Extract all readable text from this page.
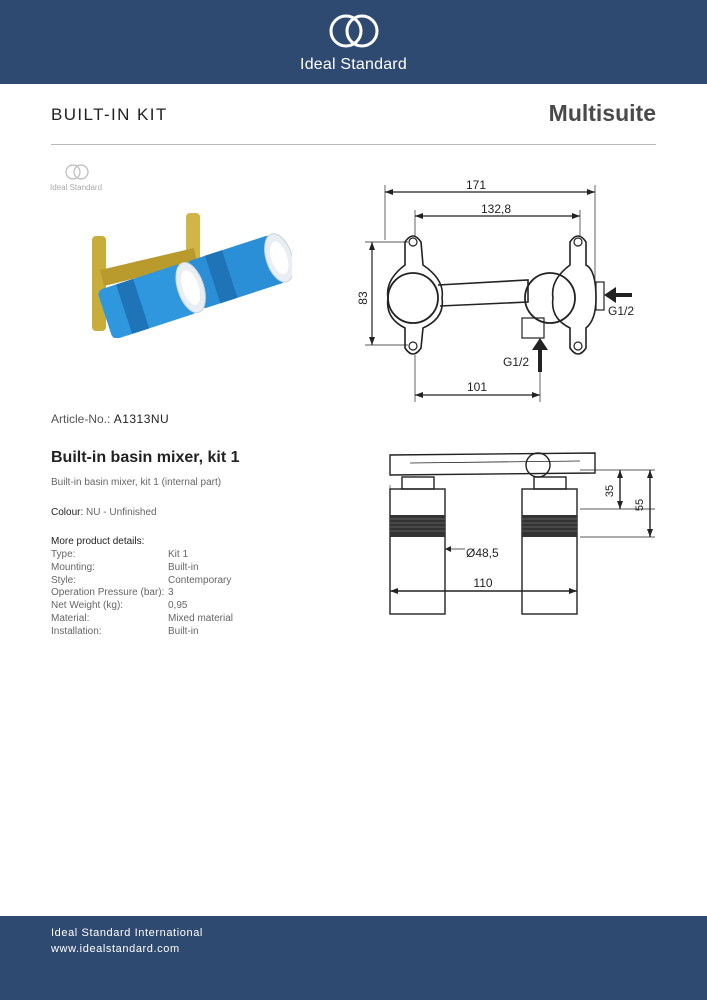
Ideal Standard
BUILT-IN KIT	Multisuite
Ideal Standard	171
132,8
83
G1/2
G1/2
101
35
55
Ø48,5
110
Article-No.: A1313NU
Built-in basin mixer, kit 1
Built-in basin mixer, kit 1 (internal part)
Colour: NU - Unfinished
More product details:
Type:	Kit 1
Mounting:	Built-in
Style:	Contemporary
Operation Pressure (bar): 3
Net Weight (kg):	0,95
Material:	Mixed material
Installation:	Built-in
Ideal Standard International
www.idealstandard.com
